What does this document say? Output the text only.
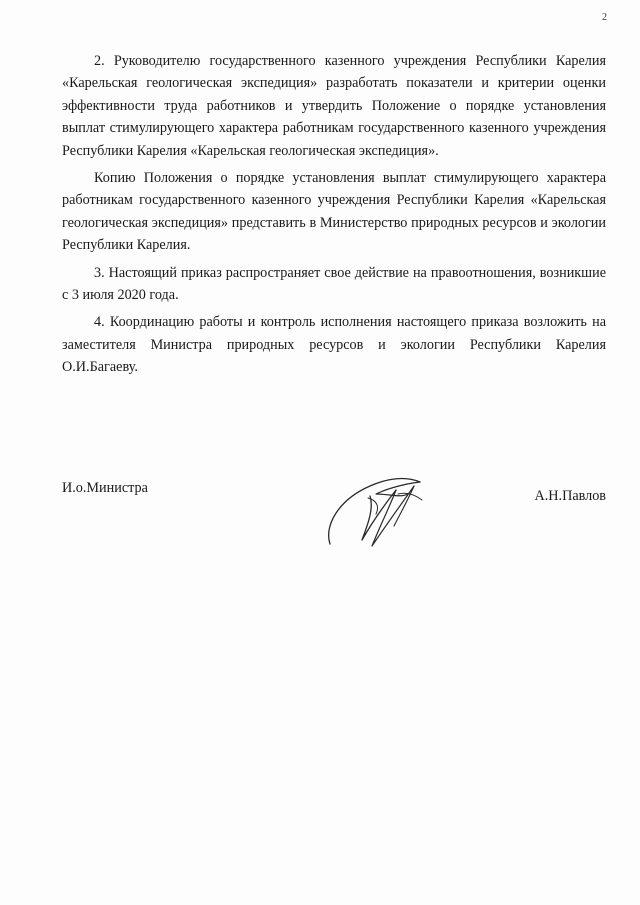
2

2. Руководителю государственного казенного учреждения Республики Карелия «Карельская геологическая экспедиция» разработать показатели и критерии оценки эффективности труда работников и утвердить Положение о порядке установления выплат стимулирующего характера работникам государственного казенного учреждения Республики Карелия «Карельская геологическая экспедиция».

Копию Положения о порядке установления выплат стимулирующего характера работникам государственного казенного учреждения Республики Карелия «Карельская геологическая экспедиция» представить в Министерство природных ресурсов и экологии Республики Карелия.

3. Настоящий приказ распространяет свое действие на правоотношения, возникшие с 3 июля 2020 года.

4. Координацию работы и контроль исполнения настоящего приказа возложить на заместителя Министра природных ресурсов и экологии Республики Карелия О.И.Багаеву.

И.о.Министра	А.Н.Павлов
